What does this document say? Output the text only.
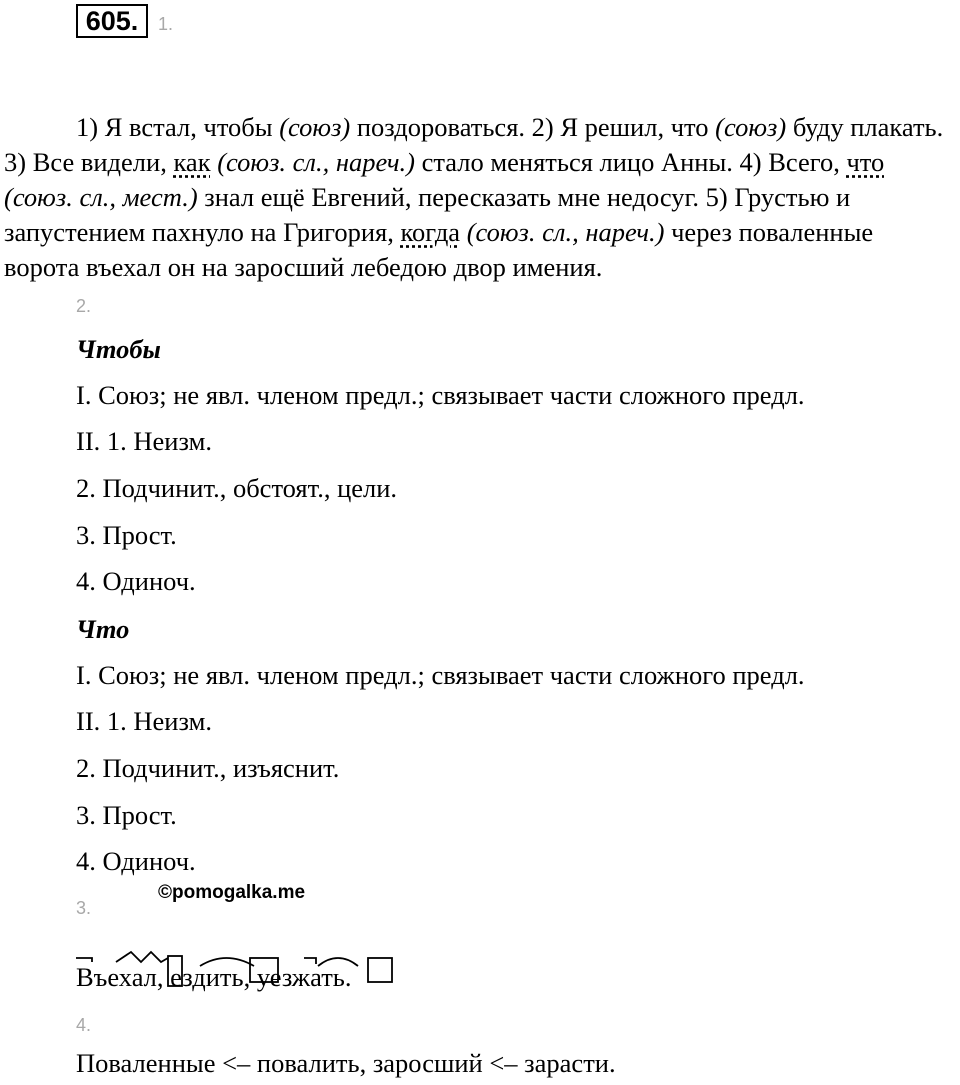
605.	1.
1) Я встал, чтобы (союз) поздороваться. 2) Я решил, что (союз) буду плакать. 3) Все видели, как (союз. сл., нареч.) стало меняться лицо Анны. 4) Всего, что (союз. сл., мест.) знал ещё Евгений, пересказать мне недосуг. 5) Грустью и запустением пахнуло на Григория, когда (союз. сл., нареч.) через поваленные ворота въехал он на заросший лебедою двор имения.
2.
Чтобы
I. Союз; не явл. членом предл.; связывает части сложного предл.
II. 1. Неизм.
2. Подчинит., обстоят., цели.
3. Прост.
4. Одиноч.
Что
I. Союз; не явл. членом предл.; связывает части сложного предл.
II. 1. Неизм.
2. Подчинит., изъяснит.
3. Прост.
4. Одиноч.
3.
©pomogalka.me
Въехал, ездить, уезжать.
4.
Поваленные <– повалить, заросший <– зарасти.
